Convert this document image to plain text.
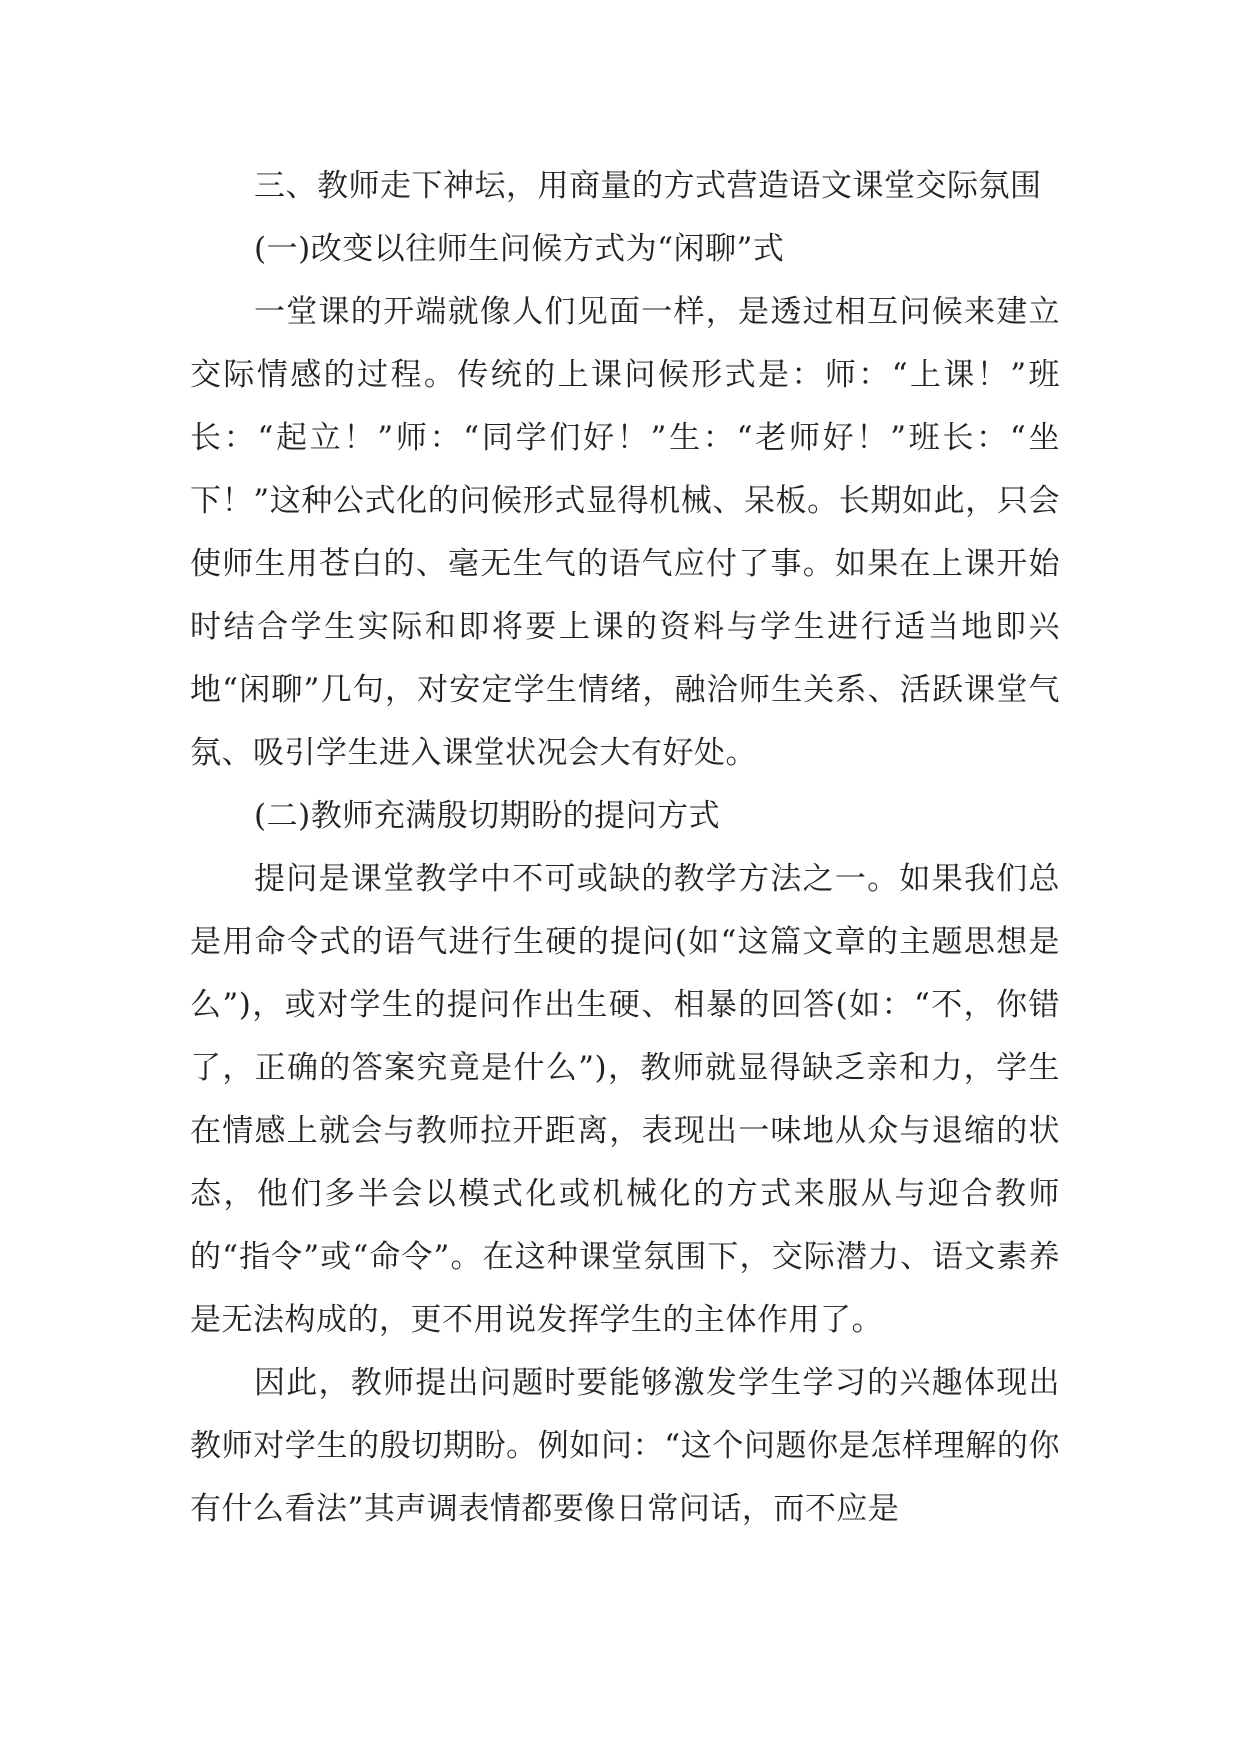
三、教师走下神坛，用商量的方式营造语文课堂交际氛围

(一)改变以往师生问候方式为“闲聊”式

一堂课的开端就像人们见面一样，是透过相互问候来建立交际情感的过程。传统的上课问候形式是：师：“上课！”班长：“起立！”师：“同学们好！”生：“老师好！”班长：“坐下！”这种公式化的问候形式显得机械、呆板。长期如此，只会使师生用苍白的、毫无生气的语气应付了事。如果在上课开始时结合学生实际和即将要上课的资料与学生进行适当地即兴地“闲聊”几句，对安定学生情绪，融洽师生关系、活跃课堂气氛、吸引学生进入课堂状况会大有好处。

(二)教师充满殷切期盼的提问方式

提问是课堂教学中不可或缺的教学方法之一。如果我们总是用命令式的语气进行生硬的提问(如“这篇文章的主题思想是么”)，或对学生的提问作出生硬、相暴的回答(如：“不，你错了，正确的答案究竟是什么”)，教师就显得缺乏亲和力，学生在情感上就会与教师拉开距离，表现出一味地从众与退缩的状态，他们多半会以模式化或机械化的方式来服从与迎合教师的“指令”或“命令”。在这种课堂氛围下，交际潜力、语文素养是无法构成的，更不用说发挥学生的主体作用了。

因此，教师提出问题时要能够激发学生学习的兴趣体现出教师对学生的殷切期盼。例如问：“这个问题你是怎样理解的你有什么看法”其声调表情都要像日常问话，而不应是
